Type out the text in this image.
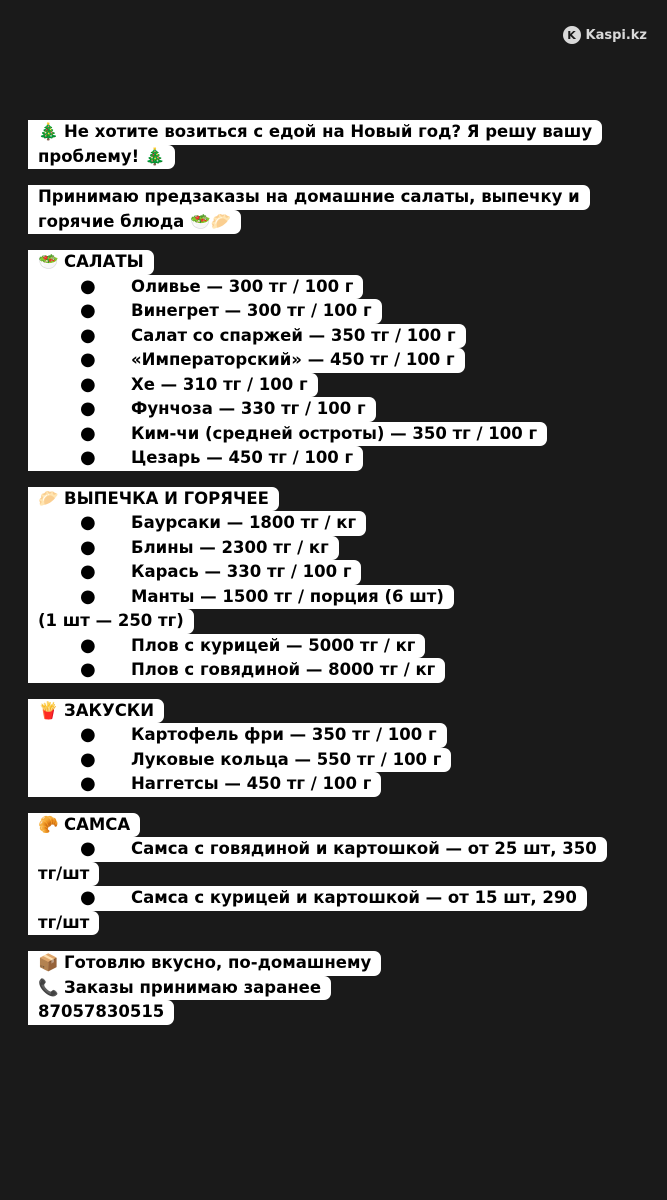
K Kaspi.kz
🎄 Не хотите возиться с едой на Новый год? Я решу вашу
проблему! 🎄
Принимаю предзаказы на домашние салаты, выпечку и
горячие блюда 🥗🥟
🥗 САЛАТЫ
● Оливье — 300 тг / 100 г
● Винегрет — 300 тг / 100 г
● Салат со спаржей — 350 тг / 100 г
● «Императорский» — 450 тг / 100 г
● Хе — 310 тг / 100 г
● Фунчоза — 330 тг / 100 г
● Ким-чи (средней остроты) — 350 тг / 100 г
● Цезарь — 450 тг / 100 г
🥟 ВЫПЕЧКА И ГОРЯЧЕЕ
● Баурсаки — 1800 тг / кг
● Блины — 2300 тг / кг
● Карась — 330 тг / 100 г
● Манты — 1500 тг / порция (6 шт)
(1 шт — 250 тг)
● Плов с курицей — 5000 тг / кг
● Плов с говядиной — 8000 тг / кг
🍟 ЗАКУСКИ
● Картофель фри — 350 тг / 100 г
● Луковые кольца — 550 тг / 100 г
● Наггетсы — 450 тг / 100 г
🥐 САМСА
● Самса с говядиной и картошкой — от 25 шт, 350
тг/шт
● Самса с курицей и картошкой — от 15 шт, 290
тг/шт
📦 Готовлю вкусно, по-домашнему
📞 Заказы принимаю заранее
87057830515
